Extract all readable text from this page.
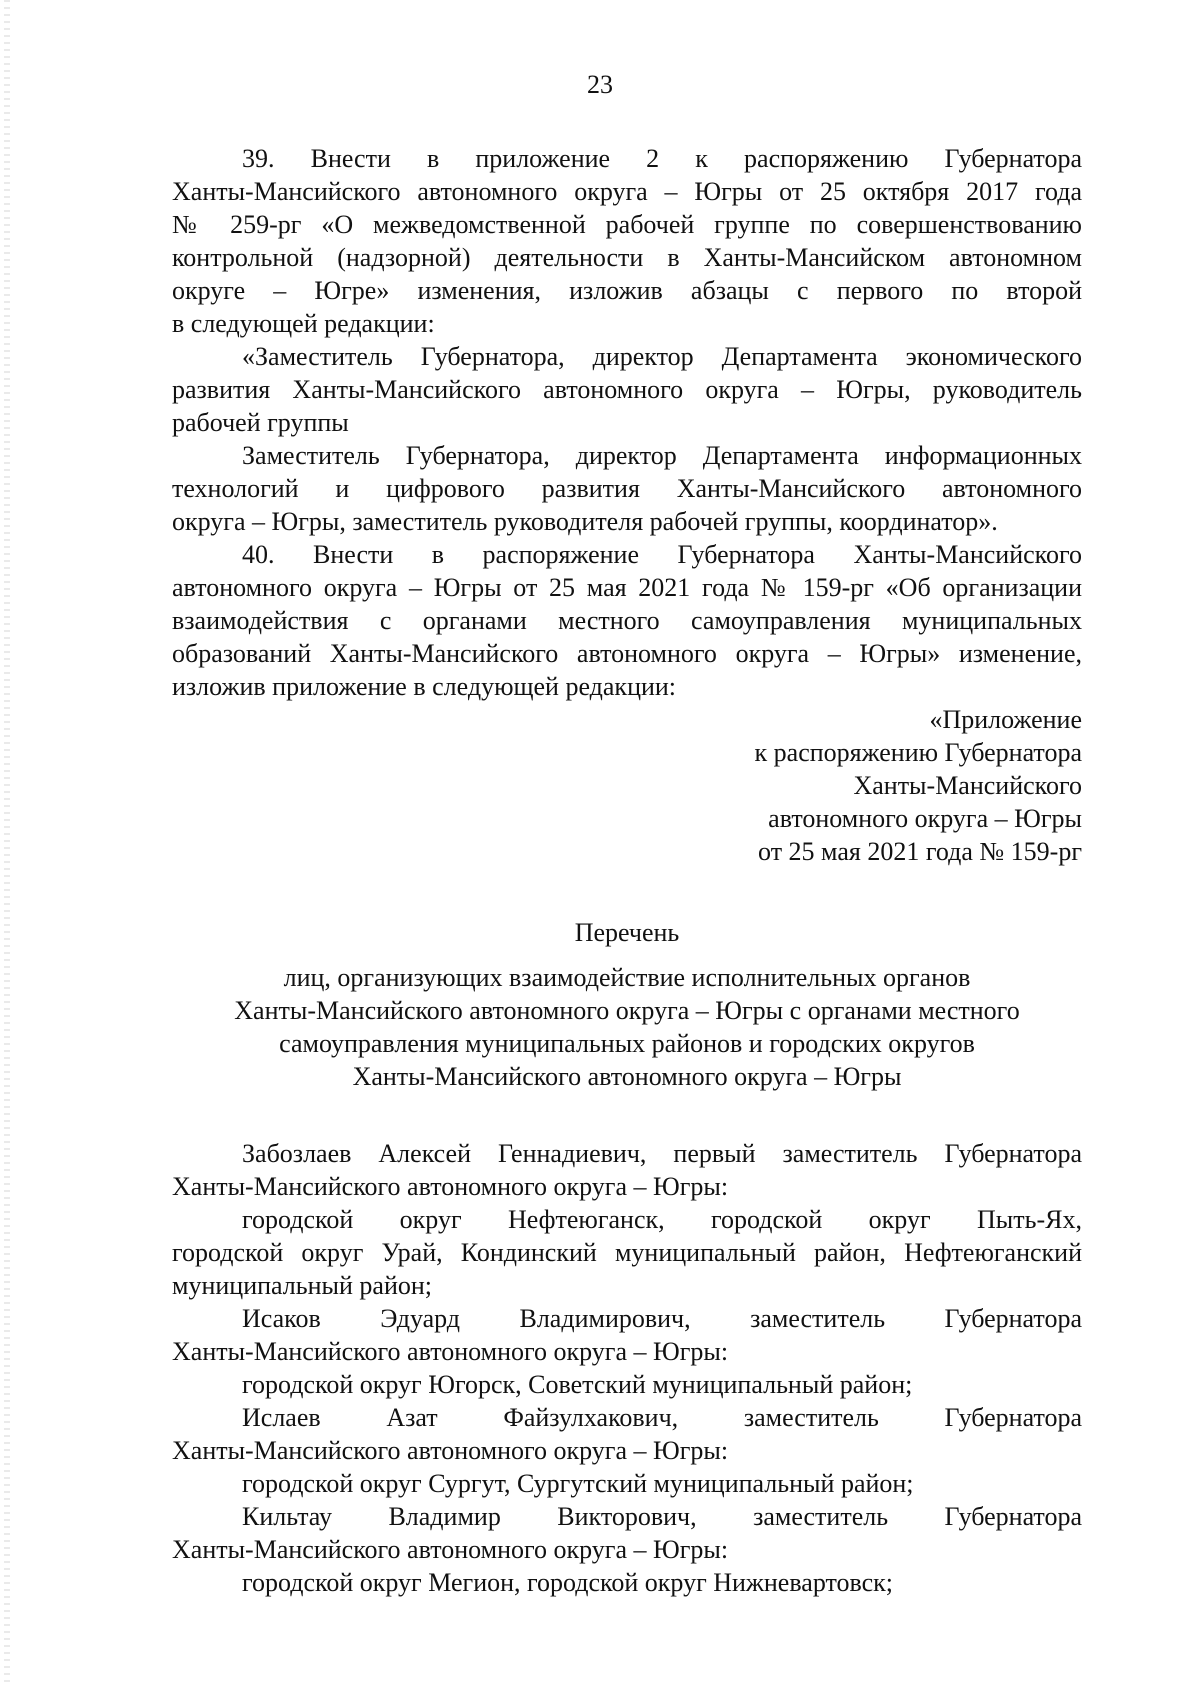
23

39. Внести в приложение 2 к распоряжению Губернатора

Ханты-Мансийского автономного округа – Югры от 25 октября 2017 года

№ 259-рг «О межведомственной рабочей группе по совершенствованию

контрольной (надзорной) деятельности в Ханты-Мансийском автономном

округе – Югре» изменения, изложив абзацы с первого по второй

в следующей редакции:

«Заместитель Губернатора, директор Департамента экономического

развития Ханты-Мансийского автономного округа – Югры, руководитель

рабочей группы

Заместитель Губернатора, директор Департамента информационных

технологий и цифрового развития Ханты-Мансийского автономного

округа – Югры, заместитель руководителя рабочей группы, координатор».

40. Внести в распоряжение Губернатора Ханты-Мансийского

автономного округа – Югры от 25 мая 2021 года № 159-рг «Об организации

взаимодействия с органами местного самоуправления муниципальных

образований Ханты-Мансийского автономного округа – Югры» изменение,

изложив приложение в следующей редакции:

«Приложение

к распоряжению Губернатора

Ханты-Мансийского

автономного округа – Югры

от 25 мая 2021 года № 159-рг

Перечень

лиц, организующих взаимодействие исполнительных органов

Ханты-Мансийского автономного округа – Югры с органами местного

самоуправления муниципальных районов и городских округов

Ханты-Мансийского автономного округа – Югры

Забозлаев Алексей Геннадиевич, первый заместитель Губернатора

Ханты-Мансийского автономного округа – Югры:

городской округ Нефтеюганск, городской округ Пыть-Ях,

городской округ Урай, Кондинский муниципальный район, Нефтеюганский

муниципальный район;

Исаков Эдуард Владимирович, заместитель Губернатора

Ханты-Мансийского автономного округа – Югры:

городской округ Югорск, Советский муниципальный район;

Ислаев Азат Файзулхакович, заместитель Губернатора

Ханты-Мансийского автономного округа – Югры:

городской округ Сургут, Сургутский муниципальный район;

Кильтау Владимир Викторович, заместитель Губернатора

Ханты-Мансийского автономного округа – Югры:

городской округ Мегион, городской округ Нижневартовск;
